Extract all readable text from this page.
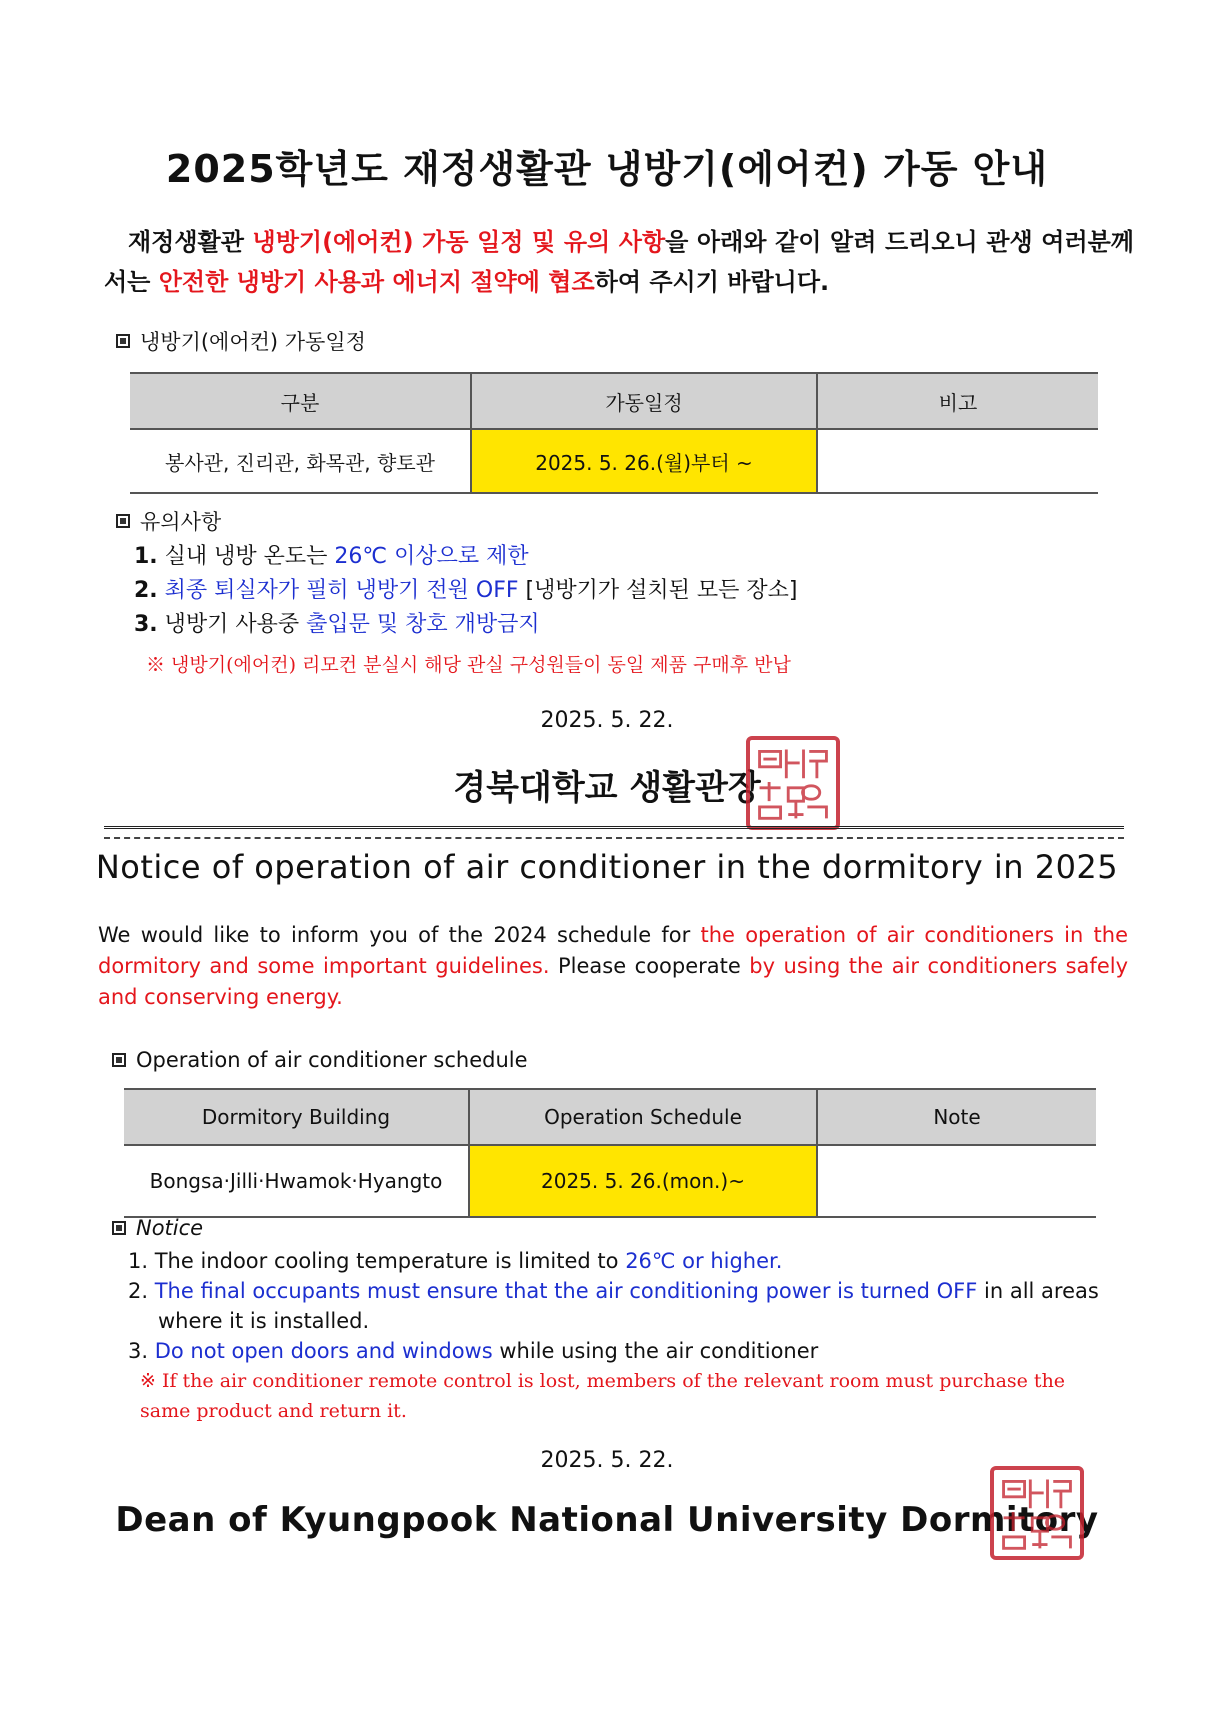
2025학년도 재정생활관 냉방기(에어컨) 가동 안내
재정생활관 냉방기(에어컨) 가동 일정 및 유의 사항을 아래와 같이 알려 드리오니 관생 여러분께서는 안전한 냉방기 사용과 에너지 절약에 협조하여 주시기 바랍니다.
냉방기(에어컨) 가동일정
구분	가동일정	비고
봉사관, 진리관, 화목관, 향토관	2025. 5. 26.(월)부터 ~	
유의사항
1. 실내 냉방 온도는 26℃ 이상으로 제한
2. 최종 퇴실자가 필히 냉방기 전원 OFF [냉방기가 설치된 모든 장소]
3. 냉방기 사용중 출입문 및 창호 개방금지
※ 냉방기(에어컨) 리모컨 분실시 해당 관실 구성원들이 동일 제품 구매후 반납
2025. 5. 22.
경북대학교 생활관장
Notice of operation of air conditioner in the dormitory in 2025
We would like to inform you of the 2024 schedule for the operation of air conditioners in the dormitory and some important guidelines. Please cooperate by using the air conditioners safely and conserving energy.
Operation of air conditioner schedule
Dormitory Building	Operation Schedule	Note
Bongsa·Jilli·Hwamok·Hyangto	2025. 5. 26.(mon.)~	
Notice
1. The indoor cooling temperature is limited to 26℃ or higher.
2. The final occupants must ensure that the air conditioning power is turned OFF in all areas where it is installed.
3. Do not open doors and windows while using the air conditioner
※ If the air conditioner remote control is lost, members of the relevant room must purchase the same product and return it.
2025. 5. 22.
Dean of Kyungpook National University Dormitory
